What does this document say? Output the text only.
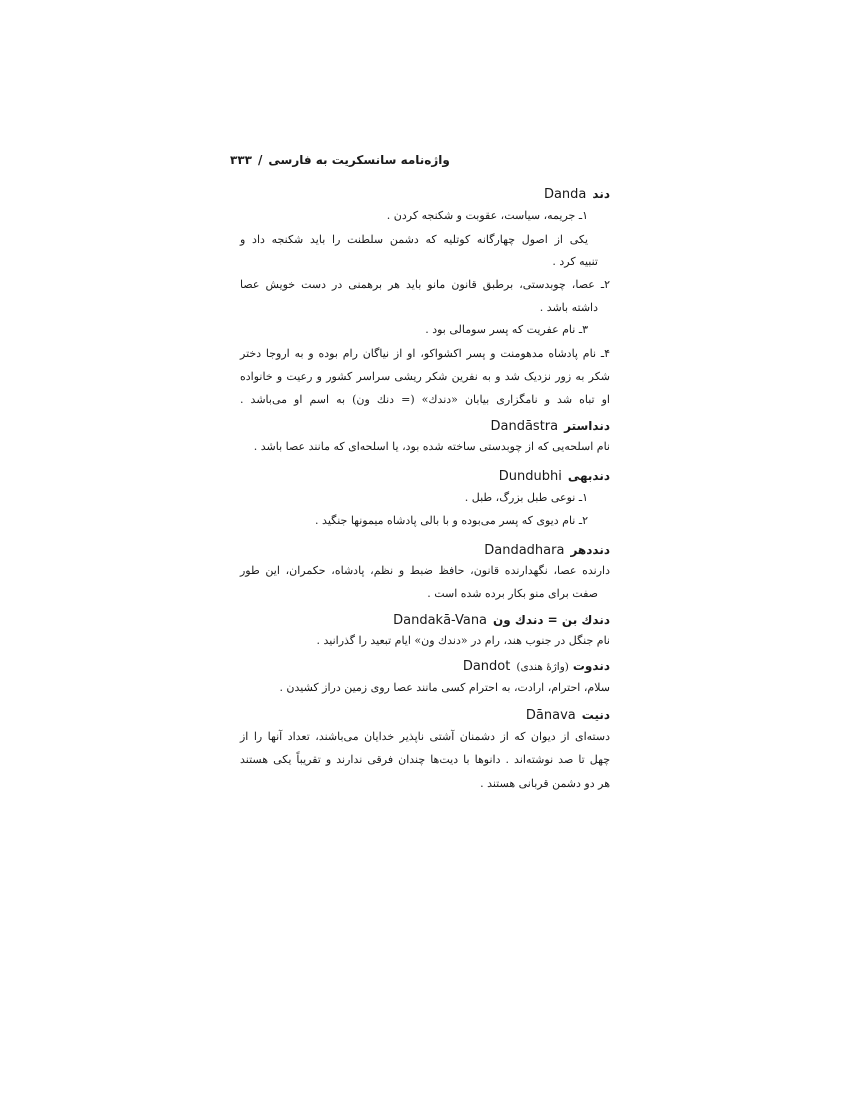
واژه‌نامه سانسکریت به فارسی/۳۳۳
دندDanda
۱ـ جریمه، سیاست، عقوبت و شکنجه کردن .
یکی از اصول چهارگانه کوتلیه که دشمن سلطنت را باید شکنجه داد و
تنبیه کرد .
۲ـ عصا، چوبدستی، برطبق قانون مانو باید هر برهمنی در دست خویش عصا
داشته باشد .
۳ـ نام عفریت که پسر سومالی بود .
۴ـ نام پادشاه مدهومنت و پسر اکشواکو، او از نیاگان رام بوده و به اروجا دختر
شکر به زور نزدیک شد و به نفرین شکر ریشی سراسر کشور و رعیت و خانواده
او تباه شد و نامگزاری بیابان «دندك» (= دنك ون) به اسم او می‌باشد .
دنداسترDandāstra
نام اسلحه‌یی که از چوبدستی ساخته شده بود، یا اسلحه‌ای که مانند عصا باشد .
دندبهیDundubhi
۱ـ نوعی طبل بزرگ، طبل .
۲ـ نام دیوی که پسر می‌بوده و با بالی پادشاه میمونها جنگید .
دنددهرDandadhara
دارنده عصا، نگهدارنده قانون، حافظ ضبط و نظم، پادشاه، حکمران، این طور
صفت برای منو بکار برده شده است .
دندك بن = دندك ونDandakā-Vana
نام جنگل در جنوب هند، رام در «دندك ون» ایام تبعید را گذرانید .
دندوت (واژهٔ هندی)Dandot
سلام، احترام، ارادت، به احترام کسی مانند عصا روی زمین دراز کشیدن .
دنیتDānava
دسته‌ای از دیوان که از دشمنان آشتی ناپذیر خدایان می‌باشند، تعداد آنها را از
چهل تا صد نوشته‌اند . دانوها با دیت‌ها چندان فرقی ندارند و تقریباً یکی هستند
هر دو دشمن قربانی هستند .
